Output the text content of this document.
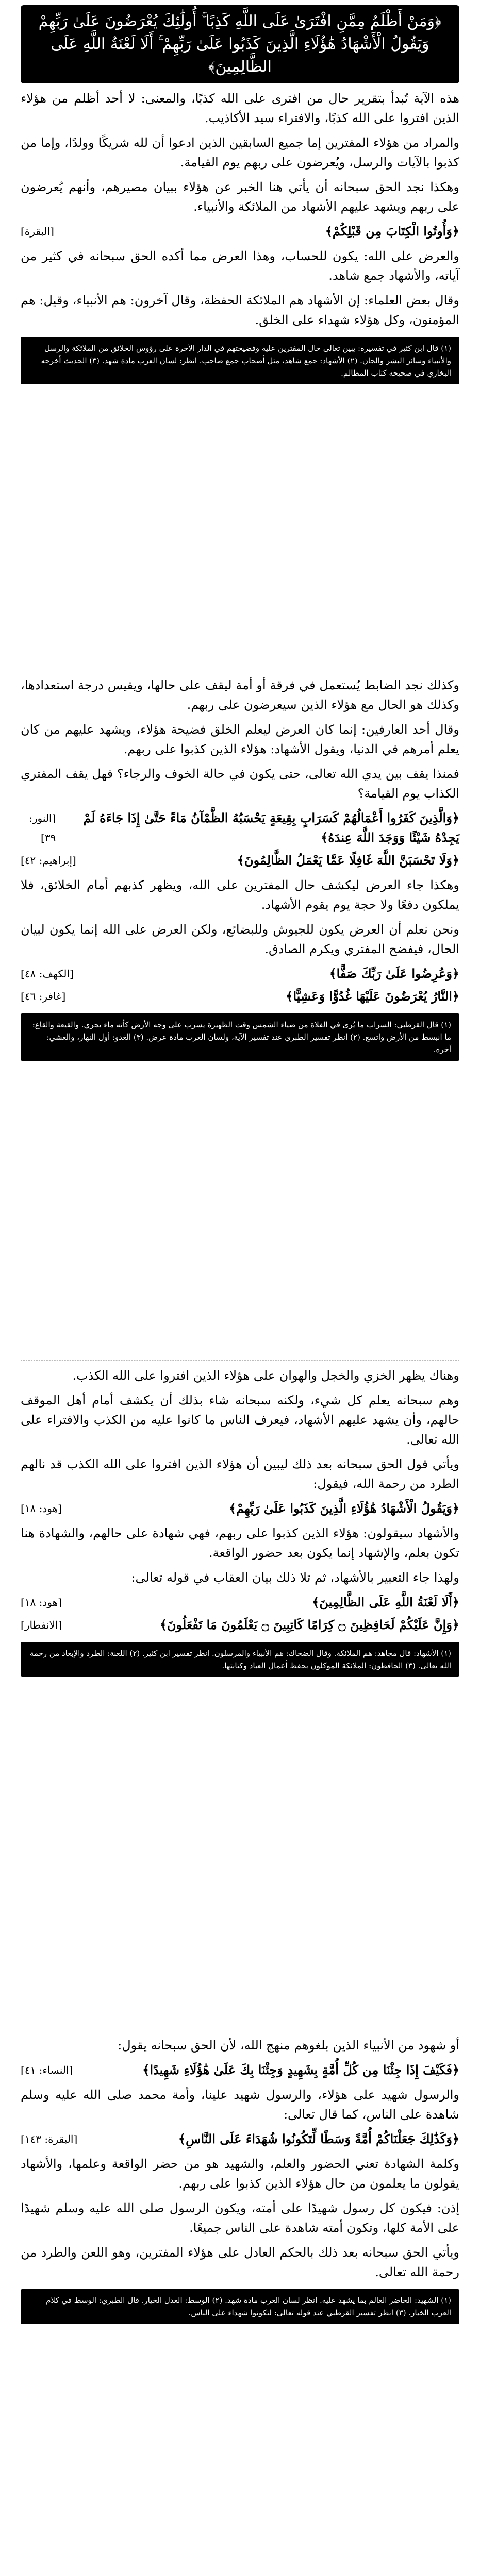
﴿وَمَنْ أَظْلَمُ مِمَّنِ افْتَرَىٰ عَلَى اللَّهِ كَذِبًا ۚ أُولَٰئِكَ يُعْرَضُونَ عَلَىٰ رَبِّهِمْ وَيَقُولُ الْأَشْهَادُ هَٰؤُلَاءِ الَّذِينَ كَذَبُوا عَلَىٰ رَبِّهِمْ ۚ أَلَا لَعْنَةُ اللَّهِ عَلَى الظَّالِمِينَ﴾

هذه الآية تُبدأ بتقرير حال من افترى على الله كذبًا، والمعنى: لا أحد أظلم من هؤلاء الذين افتروا على الله كذبًا، والافتراء سيد الأكاذيب.

والمراد من هؤلاء المفترين إما جميع السابقين الذين ادعوا أن لله شريكًا وولدًا، وإما من كذبوا بالآيات والرسل، ويُعرضون على ربهم يوم القيامة.

وهكذا نجد الحق سبحانه أن يأتي هنا الخبر عن هؤلاء ببيان مصيرهم، وأنهم يُعرضون على ربهم ويشهد عليهم الأشهاد من الملائكة والأنبياء.

﴿وَأُوتُوا الْكِتَابَ مِن قَبْلِكُمْ﴾
[البقرة]

والعرض على الله: يكون للحساب، وهذا العرض مما أكده الحق سبحانه في كثير من آياته، والأشهاد جمع شاهد.

وقال بعض العلماء: إن الأشهاد هم الملائكة الحفظة، وقال آخرون: هم الأنبياء، وقيل: هم المؤمنون، وكل هؤلاء شهداء على الخلق.

(١) قال ابن كثير في تفسيره: يبين تعالى حال المفترين عليه وفضيحتهم في الدار الآخرة على رؤوس الخلائق من الملائكة والرسل والأنبياء وسائر البشر والجان. (٢) الأشهاد: جمع شاهد، مثل أصحاب جمع صاحب. انظر: لسان العرب مادة شهد. (٣) الحديث أخرجه البخاري في صحيحه كتاب المظالم.

وكذلك نجد الضابط يُستعمل في فرقة أو أمة ليقف على حالها، ويقيس درجة استعدادها، وكذلك هو الحال مع هؤلاء الذين سيعرضون على ربهم.

وقال أحد العارفين: إنما كان العرض ليعلم الخلق فضيحة هؤلاء، ويشهد عليهم من كان يعلم أمرهم في الدنيا، ويقول الأشهاد: هؤلاء الذين كذبوا على ربهم.

فمنذا يقف بين يدي الله تعالى، حتى يكون في حالة الخوف والرجاء؟ فهل يقف المفتري الكذاب يوم القيامة؟

﴿وَالَّذِينَ كَفَرُوا أَعْمَالُهُمْ كَسَرَابٍ بِقِيعَةٍ يَحْسَبُهُ الظَّمْآنُ مَاءً حَتَّىٰ إِذَا جَاءَهُ لَمْ يَجِدْهُ شَيْئًا وَوَجَدَ اللَّهَ عِندَهُ﴾
[النور: ٣٩]
﴿وَلَا تَحْسَبَنَّ اللَّهَ غَافِلًا عَمَّا يَعْمَلُ الظَّالِمُونَ﴾
[إبراهيم: ٤٢]

وهكذا جاء العرض ليكشف حال المفترين على الله، ويظهر كذبهم أمام الخلائق، فلا يملكون دفعًا ولا حجة يوم يقوم الأشهاد.

ونحن نعلم أن العرض يكون للجيوش وللبضائع، ولكن العرض على الله إنما يكون لبيان الحال، فيفضح المفتري ويكرم الصادق.

﴿وَعُرِضُوا عَلَىٰ رَبِّكَ صَفًّا﴾
[الكهف: ٤٨]
﴿النَّارُ يُعْرَضُونَ عَلَيْهَا غُدُوًّا وَعَشِيًّا﴾
[غافر: ٤٦]
(١) قال القرطبي: السراب ما يُرى في الفلاة من ضياء الشمس وقت الظهيرة يسرب على وجه الأرض كأنه ماء يجري. والقيعة والقاع: ما انبسط من الأرض واتسع. (٢) انظر تفسير الطبري عند تفسير الآية، ولسان العرب مادة عرض. (٣) الغدو: أول النهار، والعشي: آخره.

وهناك يظهر الخزي والخجل والهوان على هؤلاء الذين افتروا على الله الكذب.

وهم سبحانه يعلم كل شيء، ولكنه سبحانه شاء بذلك أن يكشف أمام أهل الموقف حالهم، وأن يشهد عليهم الأشهاد، فيعرف الناس ما كانوا عليه من الكذب والافتراء على الله تعالى.

ويأتي قول الحق سبحانه بعد ذلك ليبين أن هؤلاء الذين افتروا على الله الكذب قد نالهم الطرد من رحمة الله، فيقول:

﴿وَيَقُولُ الْأَشْهَادُ هَٰؤُلَاءِ الَّذِينَ كَذَبُوا عَلَىٰ رَبِّهِمْ﴾
[هود: ١٨]

والأشهاد سيقولون: هؤلاء الذين كذبوا على ربهم، فهي شهادة على حالهم، والشهادة هنا تكون بعلم، والإشهاد إنما يكون بعد حضور الواقعة.

ولهذا جاء التعبير بالأشهاد، ثم تلا ذلك بيان العقاب في قوله تعالى:

﴿أَلَا لَعْنَةُ اللَّهِ عَلَى الظَّالِمِينَ﴾
[هود: ١٨]
﴿وَإِنَّ عَلَيْكُمْ لَحَافِظِينَ ۝ كِرَامًا كَاتِبِينَ ۝ يَعْلَمُونَ مَا تَفْعَلُونَ﴾
[الانفطار]
(١) الأشهاد: قال مجاهد: هم الملائكة. وقال الضحاك: هم الأنبياء والمرسلون. انظر تفسير ابن كثير. (٢) اللعنة: الطرد والإبعاد من رحمة الله تعالى. (٣) الحافظون: الملائكة الموكلون بحفظ أعمال العباد وكتابتها.

أو شهود من الأنبياء الذين بلغوهم منهج الله، لأن الحق سبحانه يقول:

﴿فَكَيْفَ إِذَا جِئْنَا مِن كُلِّ أُمَّةٍ بِشَهِيدٍ وَجِئْنَا بِكَ عَلَىٰ هَٰؤُلَاءِ شَهِيدًا﴾
[النساء: ٤١]

والرسول شهيد على هؤلاء، والرسول شهيد علينا، وأمة محمد صلى الله عليه وسلم شاهدة على الناس، كما قال تعالى:

﴿وَكَذَٰلِكَ جَعَلْنَاكُمْ أُمَّةً وَسَطًا لِّتَكُونُوا شُهَدَاءَ عَلَى النَّاسِ﴾
[البقرة: ١٤٣]

وكلمة الشهادة تعني الحضور والعلم، والشهيد هو من حضر الواقعة وعلمها، والأشهاد يقولون ما يعلمون من حال هؤلاء الذين كذبوا على ربهم.

إذن: فيكون كل رسول شهيدًا على أمته، ويكون الرسول صلى الله عليه وسلم شهيدًا على الأمة كلها، وتكون أمته شاهدة على الناس جميعًا.

ويأتي الحق سبحانه بعد ذلك بالحكم العادل على هؤلاء المفترين، وهو اللعن والطرد من رحمة الله تعالى.

(١) الشهيد: الحاضر العالم بما يشهد عليه. انظر لسان العرب مادة شهد. (٢) الوسط: العدل الخيار. قال الطبري: الوسط في كلام العرب الخيار. (٣) انظر تفسير القرطبي عند قوله تعالى: لتكونوا شهداء على الناس.
